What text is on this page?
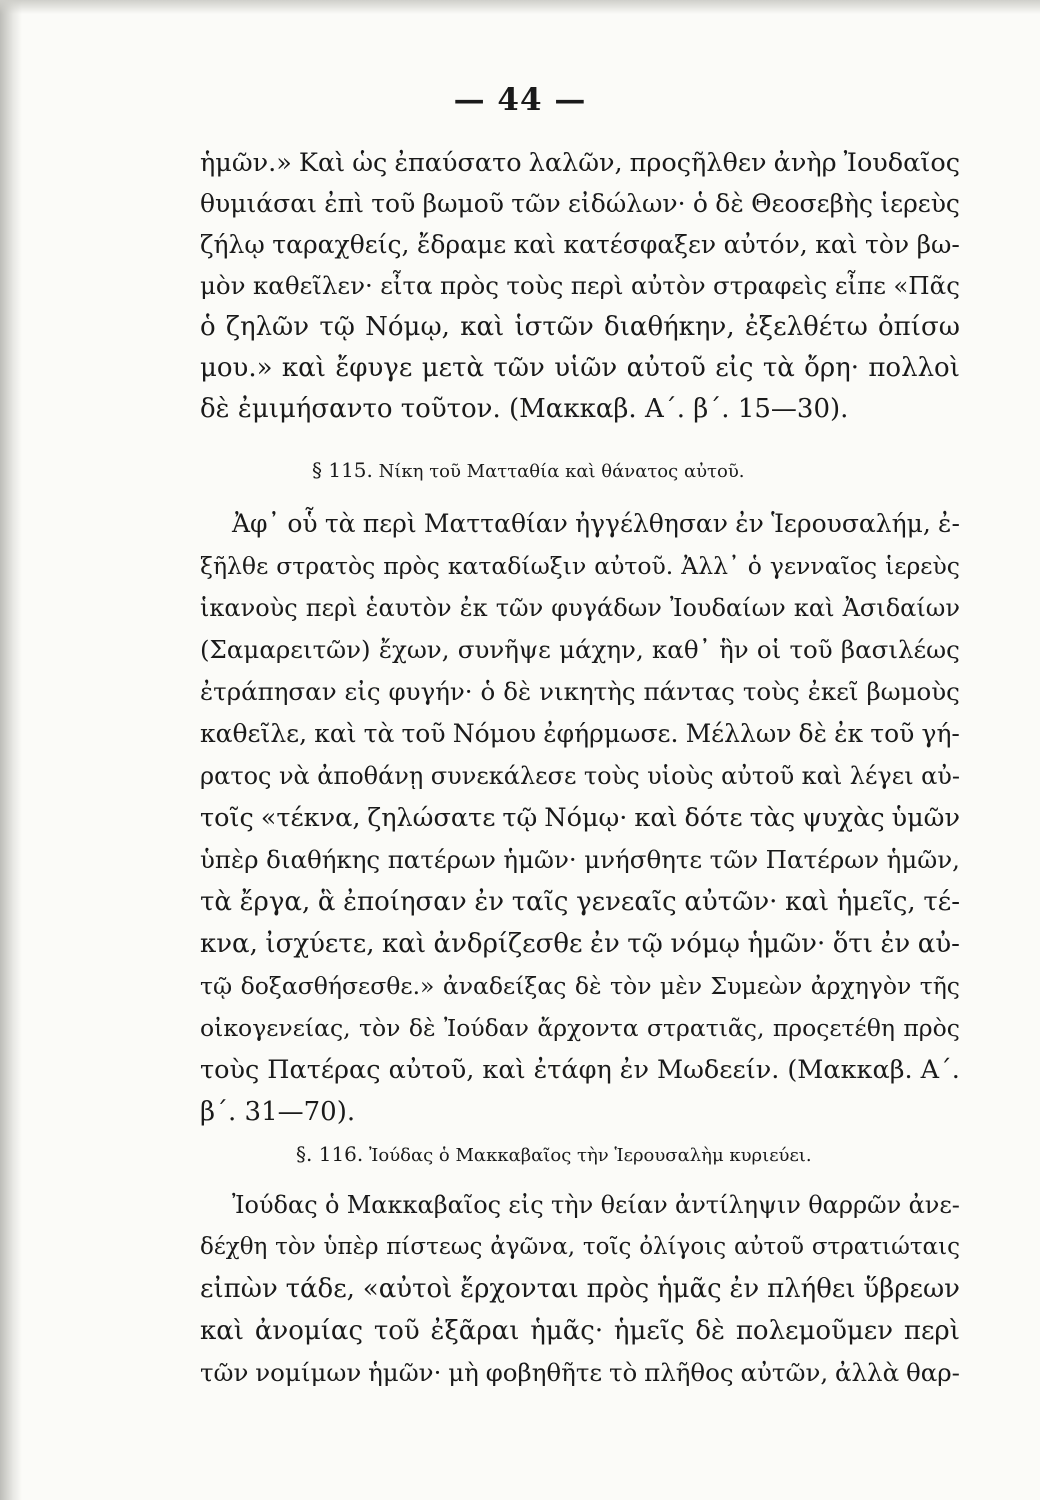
— 44 —
ἡμῶν.» Καὶ ὡς ἐπαύσατο λαλῶν, προςῆλθεν ἀνὴρ Ἰουδαῖος
θυμιάσαι ἐπὶ τοῦ βωμοῦ τῶν εἰδώλων· ὁ δὲ Θεοσεβὴς ἱερεὺς
ζήλῳ ταραχθείς, ἔδραμε καὶ κατέσφαξεν αὐτόν, καὶ τὸν βω-
μὸν καθεῖλεν· εἶτα πρὸς τοὺς περὶ αὐτὸν στραφεὶς εἶπε «Πᾶς
ὁ ζηλῶν τῷ Νόμῳ, καὶ ἱστῶν διαθήκην, ἐξελθέτω ὀπίσω
μου.» καὶ ἔφυγε μετὰ τῶν υἱῶν αὐτοῦ εἰς τὰ ὄρη· πολλοὶ
δὲ ἐμιμήσαντο τοῦτον. (Μακκαβ. Α΄. β΄. 15—30).
§ 115. Νίκη τοῦ Ματταθία καὶ θάνατος αὐτοῦ.
Ἀφ᾽ οὗ τὰ περὶ Ματταθίαν ἠγγέλθησαν ἐν Ἱερουσαλήμ, ἐ-
ξῆλθε στρατὸς πρὸς καταδίωξιν αὐτοῦ. Ἀλλ᾽ ὁ γενναῖος ἱερεὺς
ἱκανοὺς περὶ ἑαυτὸν ἐκ τῶν φυγάδων Ἰουδαίων καὶ Ἀσιδαίων
(Σαμαρειτῶν) ἔχων, συνῆψε μάχην, καθ᾽ ἣν οἱ τοῦ βασιλέως
ἐτράπησαν εἰς φυγήν· ὁ δὲ νικητὴς πάντας τοὺς ἐκεῖ βωμοὺς
καθεῖλε, καὶ τὰ τοῦ Νόμου ἐφήρμωσε. Μέλλων δὲ ἐκ τοῦ γή-
ρατος νὰ ἀποθάνῃ συνεκάλεσε τοὺς υἱοὺς αὐτοῦ καὶ λέγει αὐ-
τοῖς «τέκνα, ζηλώσατε τῷ Νόμῳ· καὶ δότε τὰς ψυχὰς ὑμῶν
ὑπὲρ διαθήκης πατέρων ἡμῶν· μνήσθητε τῶν Πατέρων ἡμῶν,
τὰ ἔργα, ἃ ἐποίησαν ἐν ταῖς γενεαῖς αὐτῶν· καὶ ἡμεῖς, τέ-
κνα, ἰσχύετε, καὶ ἀνδρίζεσθε ἐν τῷ νόμῳ ἡμῶν· ὅτι ἐν αὐ-
τῷ δοξασθήσεσθε.» ἀναδείξας δὲ τὸν μὲν Συμεὼν ἀρχηγὸν τῆς
οἰκογενείας, τὸν δὲ Ἰούδαν ἄρχοντα στρατιᾶς, προςετέθη πρὸς
τοὺς Πατέρας αὐτοῦ, καὶ ἐτάφη ἐν Μωδεείν. (Μακκαβ. Α΄.
β΄. 31—70).
§. 116. Ἰούδας ὁ Μακκαβαῖος τὴν Ἱερουσαλὴμ κυριεύει.
Ἰούδας ὁ Μακκαβαῖος εἰς τὴν θείαν ἀντίληψιν θαρρῶν ἀνε-
δέχθη τὸν ὑπὲρ πίστεως ἀγῶνα, τοῖς ὀλίγοις αὐτοῦ στρατιώταις
εἰπὼν τάδε, «αὐτοὶ ἔρχονται πρὸς ἡμᾶς ἐν πλήθει ὕβρεων
καὶ ἀνομίας τοῦ ἐξᾶραι ἡμᾶς· ἡμεῖς δὲ πολεμοῦμεν περὶ
τῶν νομίμων ἡμῶν· μὴ φοβηθῆτε τὸ πλῆθος αὐτῶν, ἀλλὰ θαρ-
